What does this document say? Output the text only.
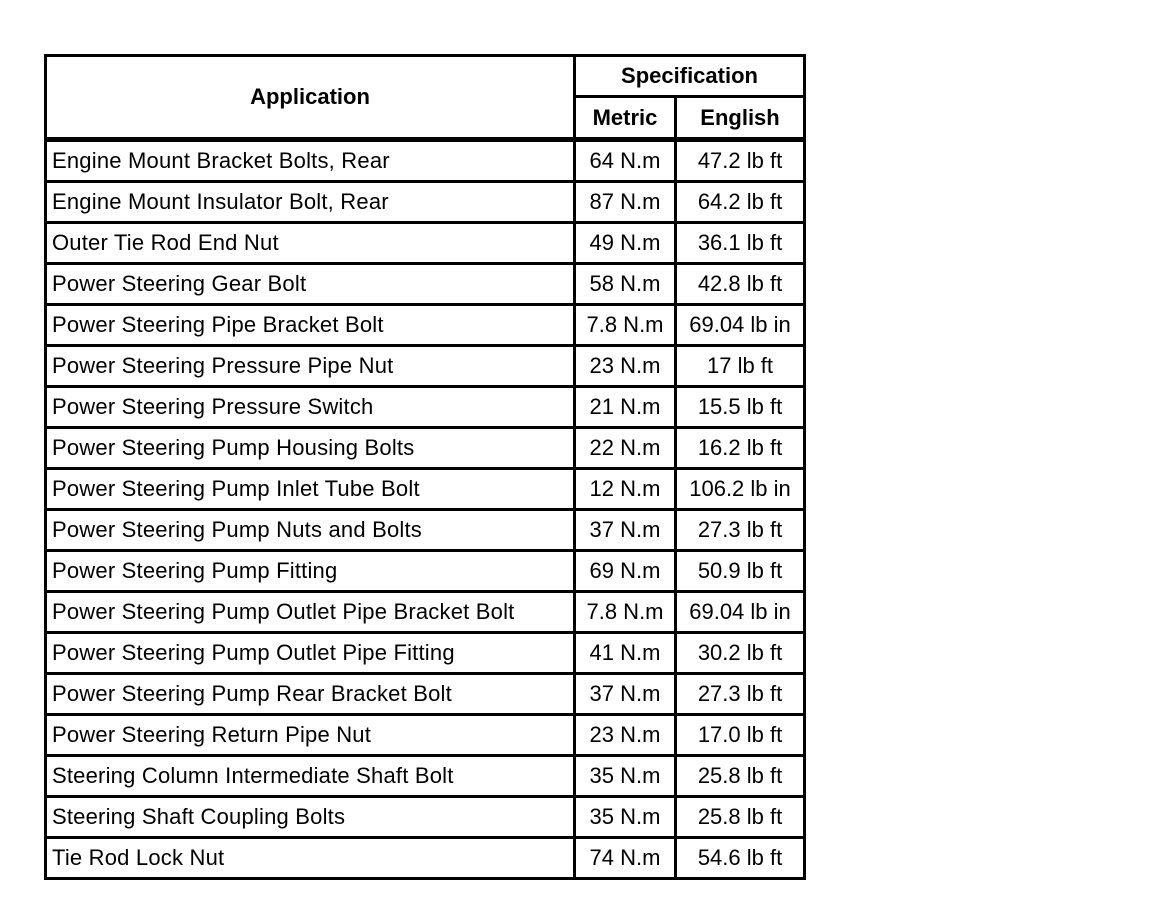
Application	Specification	
	Metric	English
Engine Mount Bracket Bolts, Rear	64 N.m	47.2 lb ft
Engine Mount Insulator Bolt, Rear	87 N.m	64.2 lb ft
Outer Tie Rod End Nut	49 N.m	36.1 lb ft
Power Steering Gear Bolt	58 N.m	42.8 lb ft
Power Steering Pipe Bracket Bolt	7.8 N.m	69.04 lb in
Power Steering Pressure Pipe Nut	23 N.m	17 lb ft
Power Steering Pressure Switch	21 N.m	15.5 lb ft
Power Steering Pump Housing Bolts	22 N.m	16.2 lb ft
Power Steering Pump Inlet Tube Bolt	12 N.m	106.2 lb in
Power Steering Pump Nuts and Bolts	37 N.m	27.3 lb ft
Power Steering Pump Fitting	69 N.m	50.9 lb ft
Power Steering Pump Outlet Pipe Bracket Bolt	7.8 N.m	69.04 lb in
Power Steering Pump Outlet Pipe Fitting	41 N.m	30.2 lb ft
Power Steering Pump Rear Bracket Bolt	37 N.m	27.3 lb ft
Power Steering Return Pipe Nut	23 N.m	17.0 lb ft
Steering Column Intermediate Shaft Bolt	35 N.m	25.8 lb ft
Steering Shaft Coupling Bolts	35 N.m	25.8 lb ft
Tie Rod Lock Nut	74 N.m	54.6 lb ft
